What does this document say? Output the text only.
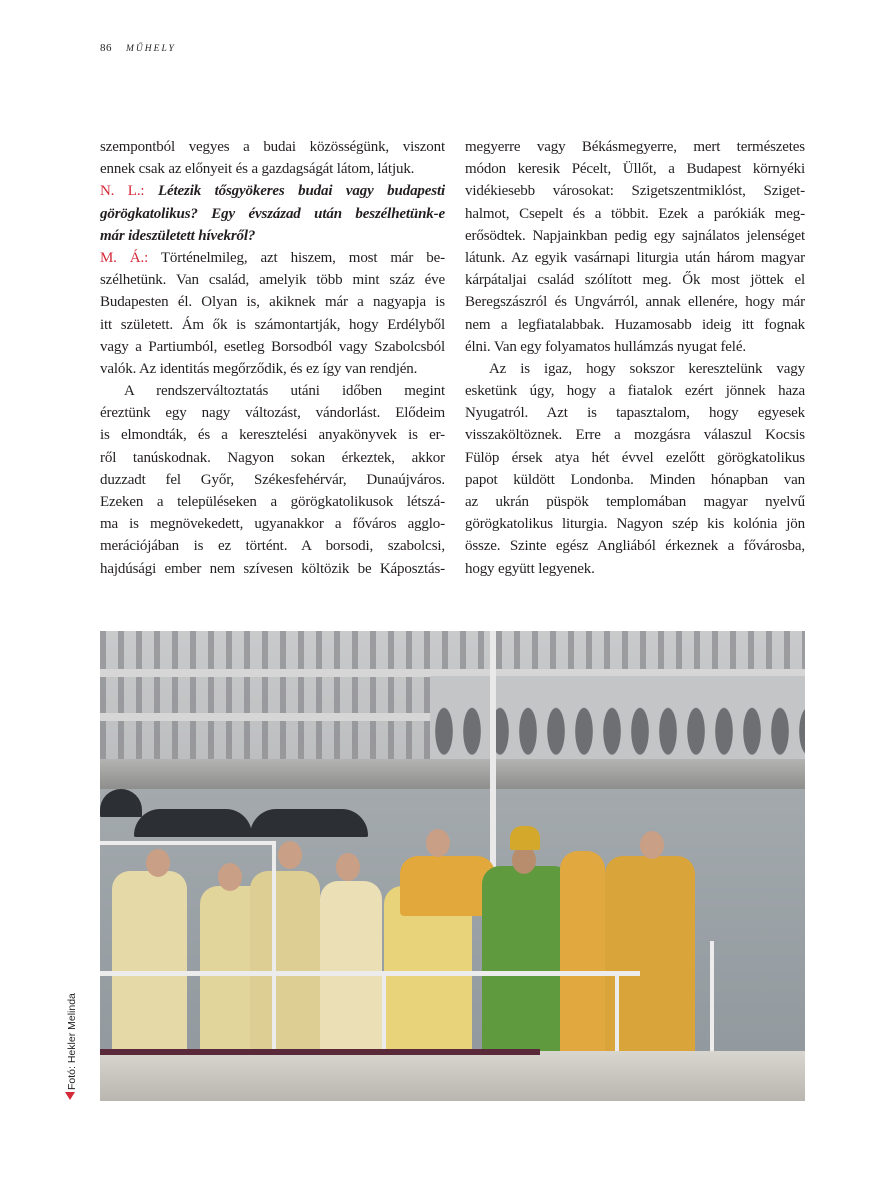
86 MŰHELY
szempontból vegyes a budai közösségünk, viszont
ennek csak az előnyeit és a gazdagságát látom, látjuk.
N. L.: Létezik tősgyökeres budai vagy budapesti
görögkatolikus? Egy évszázad után beszélhetünk-e
már ideszületett hívekről?
M. Á.: Történelmileg, azt hiszem, most már be-
szélhetünk. Van család, amelyik több mint száz éve
Budapesten él. Olyan is, akiknek már a nagyapja is
itt született. Ám ők is számontartják, hogy Erdélyből
vagy a Partiumból, esetleg Borsodból vagy Szabolcsból
valók. Az identitás megőrződik, és ez így van rendjén.
A rendszerváltoztatás utáni időben megint
éreztünk egy nagy változást, vándorlást. Elődeim
is elmondták, és a keresztelési anyakönyvek is er-
ről tanúskodnak. Nagyon sokan érkeztek, akkor
duzzadt fel Győr, Székesfehérvár, Dunaújváros.
Ezeken a településeken a görögkatolikusok létszá-
ma is megnövekedett, ugyanakkor a főváros agglo-
merációjában is ez történt. A borsodi, szabolcsi,
hajdúsági ember nem szívesen költözik be Káposztás-
megyerre vagy Békásmegyerre, mert természetes
módon keresik Pécelt, Üllőt, a Budapest környéki
vidékiesebb városokat: Szigetszentmiklóst, Sziget-
halmot, Csepelt és a többit. Ezek a parókiák meg-
erősödtek. Napjainkban pedig egy sajnálatos jelenséget
látunk. Az egyik vasárnapi liturgia után három magyar
kárpátaljai család szólított meg. Ők most jöttek el
Beregszászról és Ungvárról, annak ellenére, hogy már
nem a legfiatalabbak. Huzamosabb ideig itt fognak
élni. Van egy folyamatos hullámzás nyugat felé.
Az is igaz, hogy sokszor keresztelünk vagy
esketünk úgy, hogy a fiatalok ezért jönnek haza
Nyugatról. Azt is tapasztalom, hogy egyesek
visszaköltöznek. Erre a mozgásra válaszul Kocsis
Fülöp érsek atya hét évvel ezelőtt görögkatolikus
papot küldött Londonba. Minden hónapban van
az ukrán püspök templomában magyar nyelvű
görögkatolikus liturgia. Nagyon szép kis kolónia jön
össze. Szinte egész Angliából érkeznek a fővárosba,
hogy együtt legyenek.
Fotó: Hekler Melinda
